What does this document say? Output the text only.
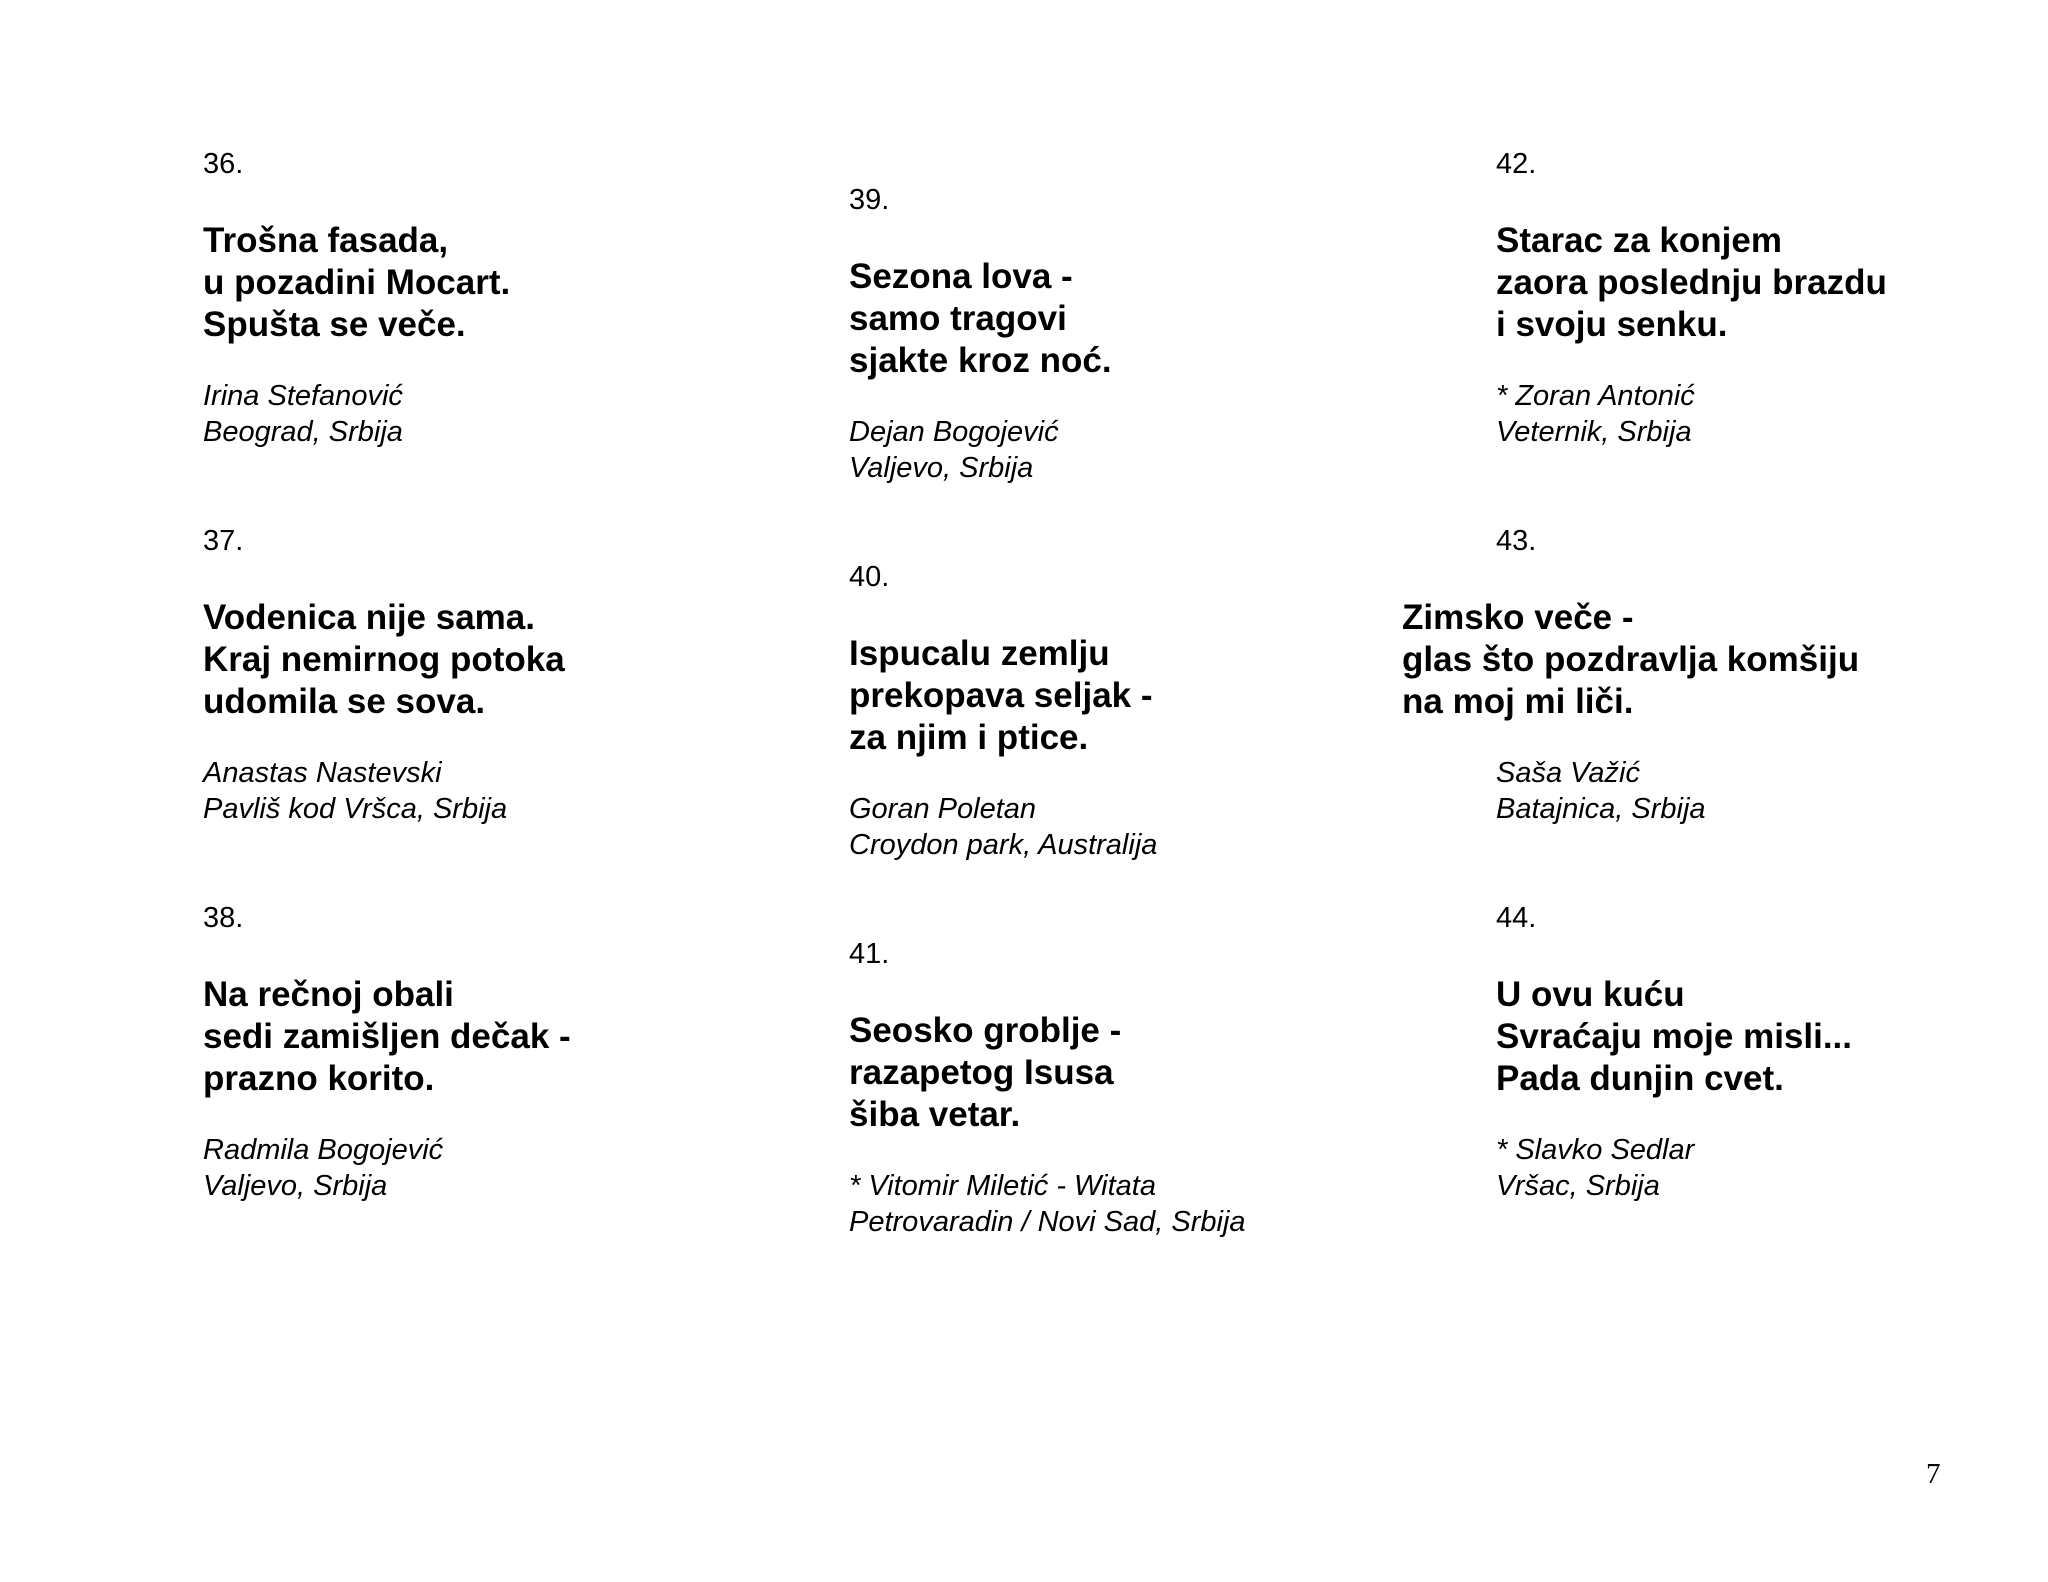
36.
Trošna fasada,
u pozadini Mocart.
Spušta se veče.
Irina Stefanović
Beograd, Srbija
37.
Vodenica nije sama.
Kraj nemirnog potoka
udomila se sova.
Anastas Nastevski
Pavliš kod Vršca, Srbija
38.
Na rečnoj obali
sedi zamišljen dečak -
prazno korito.
Radmila Bogojević
Valjevo, Srbija
39.
Sezona lova -
samo tragovi
sjakte kroz noć.
Dejan Bogojević
Valjevo, Srbija
40.
Ispucalu zemlju
prekopava seljak -
za njim i ptice.
Goran Poletan
Croydon park, Australija
41.
Seosko groblje -
razapetog Isusa
šiba vetar.
* Vitomir Miletić - Witata
Petrovaradin / Novi Sad, Srbija
42.
Starac za konjem
zaora poslednju brazdu
i svoju senku.
* Zoran Antonić
Veternik, Srbija
43.
Zimsko veče -
glas što pozdravlja komšiju
na moj mi liči.
Saša Važić
Batajnica, Srbija
44.
U ovu kuću
Svraćaju moje misli...
Pada dunjin cvet.
* Slavko Sedlar
Vršac, Srbija
7
